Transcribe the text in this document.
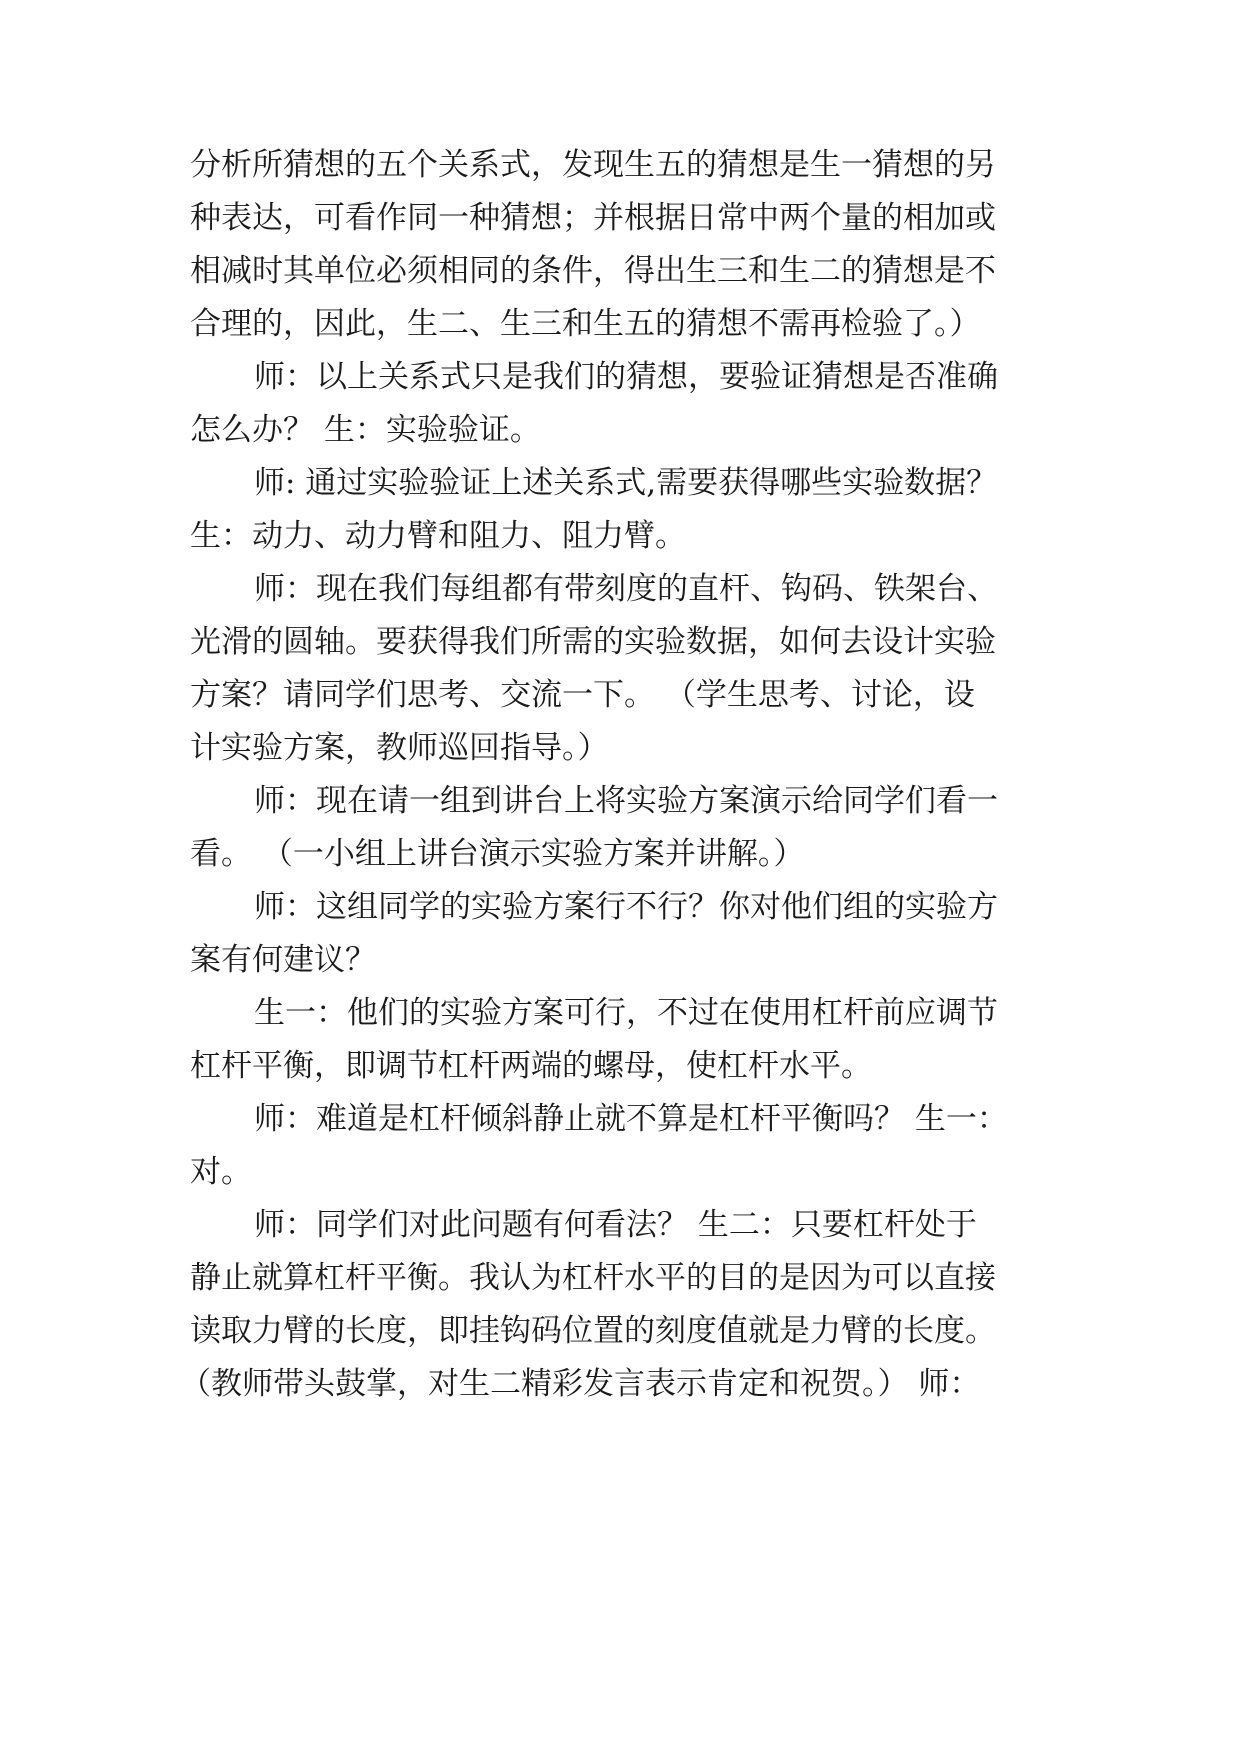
分析所猜想的五个关系式，发现生五的猜想是生一猜想的另
种表达，可看作同一种猜想；并根据日常中两个量的相加或
相减时其单位必须相同的条件，得出生三和生二的猜想是不
合理的，因此，生二、生三和生五的猜想不需再检验了。）
师：以上关系式只是我们的猜想，要验证猜想是否准确
怎么办？ 生：实验验证。
师: 通过实验验证上述关系式,需要获得哪些实验数据？
生：动力、动力臂和阻力、阻力臂。
师：现在我们每组都有带刻度的直杆、钩码、铁架台、
光滑的圆轴。要获得我们所需的实验数据，如何去设计实验
方案？请同学们思考、交流一下。 （学生思考、讨论，设
计实验方案，教师巡回指导。）
师：现在请一组到讲台上将实验方案演示给同学们看一
看。 （一小组上讲台演示实验方案并讲解。）
师：这组同学的实验方案行不行？你对他们组的实验方
案有何建议？
生一：他们的实验方案可行，不过在使用杠杆前应调节
杠杆平衡，即调节杠杆两端的螺母，使杠杆水平。
师：难道是杠杆倾斜静止就不算是杠杆平衡吗？ 生一：
对。
师：同学们对此问题有何看法？ 生二：只要杠杆处于
静止就算杠杆平衡。我认为杠杆水平的目的是因为可以直接
读取力臂的长度，即挂钩码位置的刻度值就是力臂的长度。
（教师带头鼓掌，对生二精彩发言表示肯定和祝贺。） 师：
